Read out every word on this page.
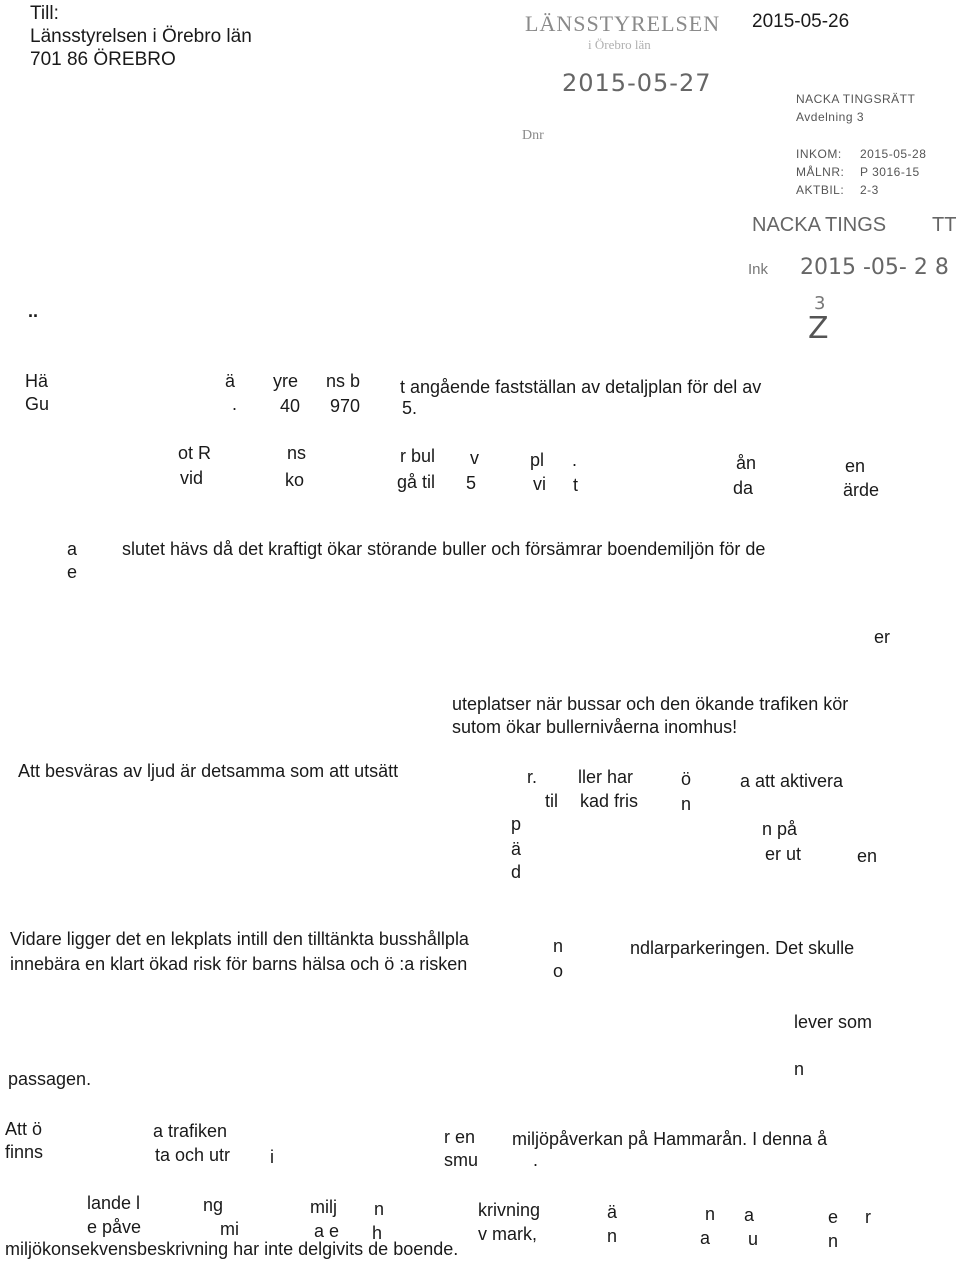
Till:
Länsstyrelsen i Örebro län
701 86 ÖREBRO
LÄNSSTYRELSEN
i Örebro län
2015-05-27
Dnr
2015-05-26
NACKA TINGSRÄTT
Avdelning 3
INKOM: 2015-05-28
MÅLNR: P 3016-15
AKTBIL: 2-3
NACKA TINGS TT
Ink 2015 -05- 2 8
3
Z
..
Hä	ä yre ns b t angående fastställan av detaljplan för del av
Gu	. 40 970 5.
ot R	ns	r bul v	pl .	ån	en
vid	ko	gå til 5	vi t	da	ärde
a slutet hävs då det kraftigt ökar störande buller och försämrar boendemiljön för de
e
er
uteplatser när bussar och den ökande trafiken kör
sutom ökar bullernivåerna inomhus!
Att besväras av ljud är detsamma som att utsätt	r. ller har	ö	a att aktivera
til kad fris n
p	n på
ä	er ut	en
d
Vidare ligger det en lekplats intill den tilltänkta busshållpla	n	ndlarparkeringen. Det skulle
innebära en klart ökad risk för barns hälsa och ö :a risken	o
lever som
passagen.	n
Att ö	a trafiken	r en miljöpåverkan på Hammarån. I denna å
finns	ta och utr i	smu	.
lande l	ng	milj n	krivning	ä	n a	e r
e påve	mi	a e h	v mark,	n	a u	n
miljökonsekvensbeskrivning har inte delgivits de boende.
